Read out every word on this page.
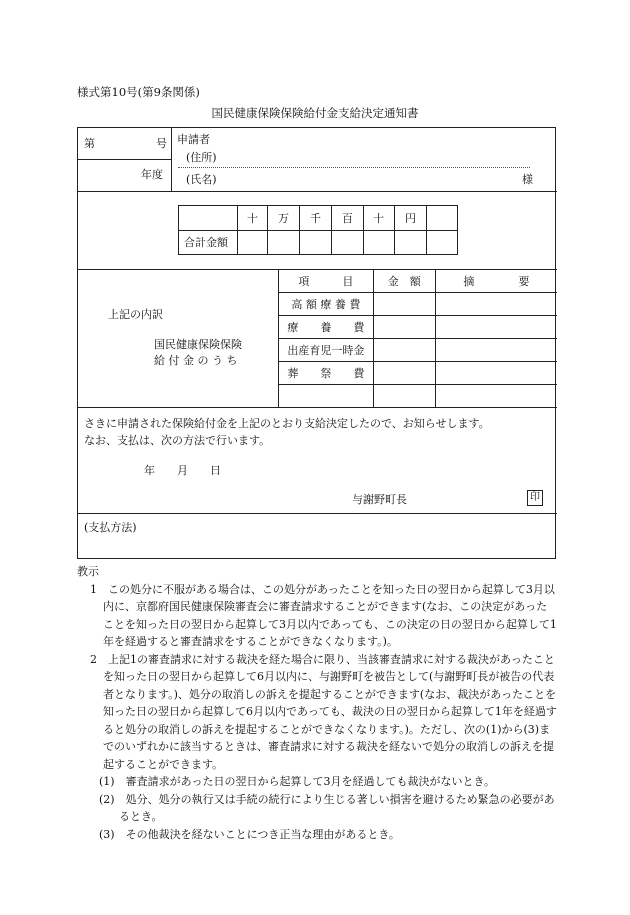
様式第10号(第9条関係)
国民健康保険保険給付金支給決定通知書
第	号
年度
申請者
(住所)
(氏名)	様
十 万 千 百 十 円
合計金額
上記の内訳
国民健康保険保険
給 付 金 の う ち
項　　　目	金　額	摘　　　　要
高 額 療 養 費		
療　　養　　費		
出産育児一時金		
葬　　祭　　費		

さきに申請された保険給付金を上記のとおり支給決定したので、お知らせします。
なお、支払は、次の方法で行います。
年　　月　　日
与謝野町長	印
(支払方法)

教示

1　この処分に不服がある場合は、この処分があったことを知った日の翌日から起算して3月以内に、京都府国民健康保険審査会に審査請求することができます(なお、この決定があったことを知った日の翌日から起算して3月以内であっても、この決定の日の翌日から起算して1年を経過すると審査請求をすることができなくなります。)。

2　上記1の審査請求に対する裁決を経た場合に限り、当該審査請求に対する裁決があったことを知った日の翌日から起算して6月以内に、与謝野町を被告として(与謝野町長が被告の代表者となります。)、処分の取消しの訴えを提起することができます(なお、裁決があったことを知った日の翌日から起算して6月以内であっても、裁決の日の翌日から起算して1年を経過すると処分の取消しの訴えを提起することができなくなります。)。ただし、次の(1)から(3)までのいずれかに該当するときは、審査請求に対する裁決を経ないで処分の取消しの訴えを提起することができます。

(1)　審査請求があった日の翌日から起算して3月を経過しても裁決がないとき。

(2)　処分、処分の執行又は手続の続行により生じる著しい損害を避けるため緊急の必要があるとき。

(3)　その他裁決を経ないことにつき正当な理由があるとき。
